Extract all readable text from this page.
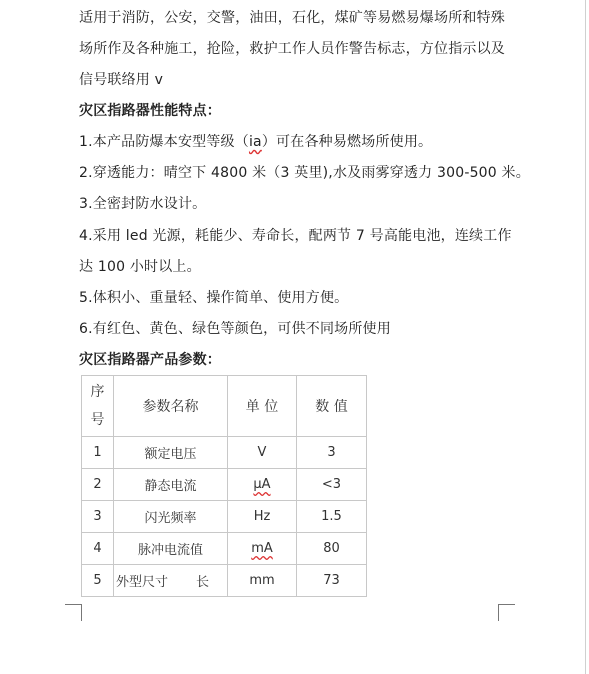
适用于消防，公安，交警，油田，石化，煤矿等易燃易爆场所和特殊
场所作及各种施工，抢险，救护工作人员作警告标志，方位指示以及
信号联络用 v
灾区指路器性能特点：
1.本产品防爆本安型等级（ia）可在各种易燃场所使用。
2.穿透能力：晴空下 4800 米（3 英里),水及雨雾穿透力 300-500 米。
3.全密封防水设计。
4.采用 led 光源，耗能少、寿命长，配两节 7 号高能电池，连续工作
达 100 小时以上。
5.体积小、重量轻、操作简单、使用方便。
6.有红色、黄色、绿色等颜色，可供不同场所使用
灾区指路器产品参数：
序
号	参数名称	单 位	数 值
1	额定电压	V	3
2	静态电流	μA	<3
3	闪光频率	Hz	1.5
4	脉冲电流值	mA	80
5	外型尺寸 长	mm	73
